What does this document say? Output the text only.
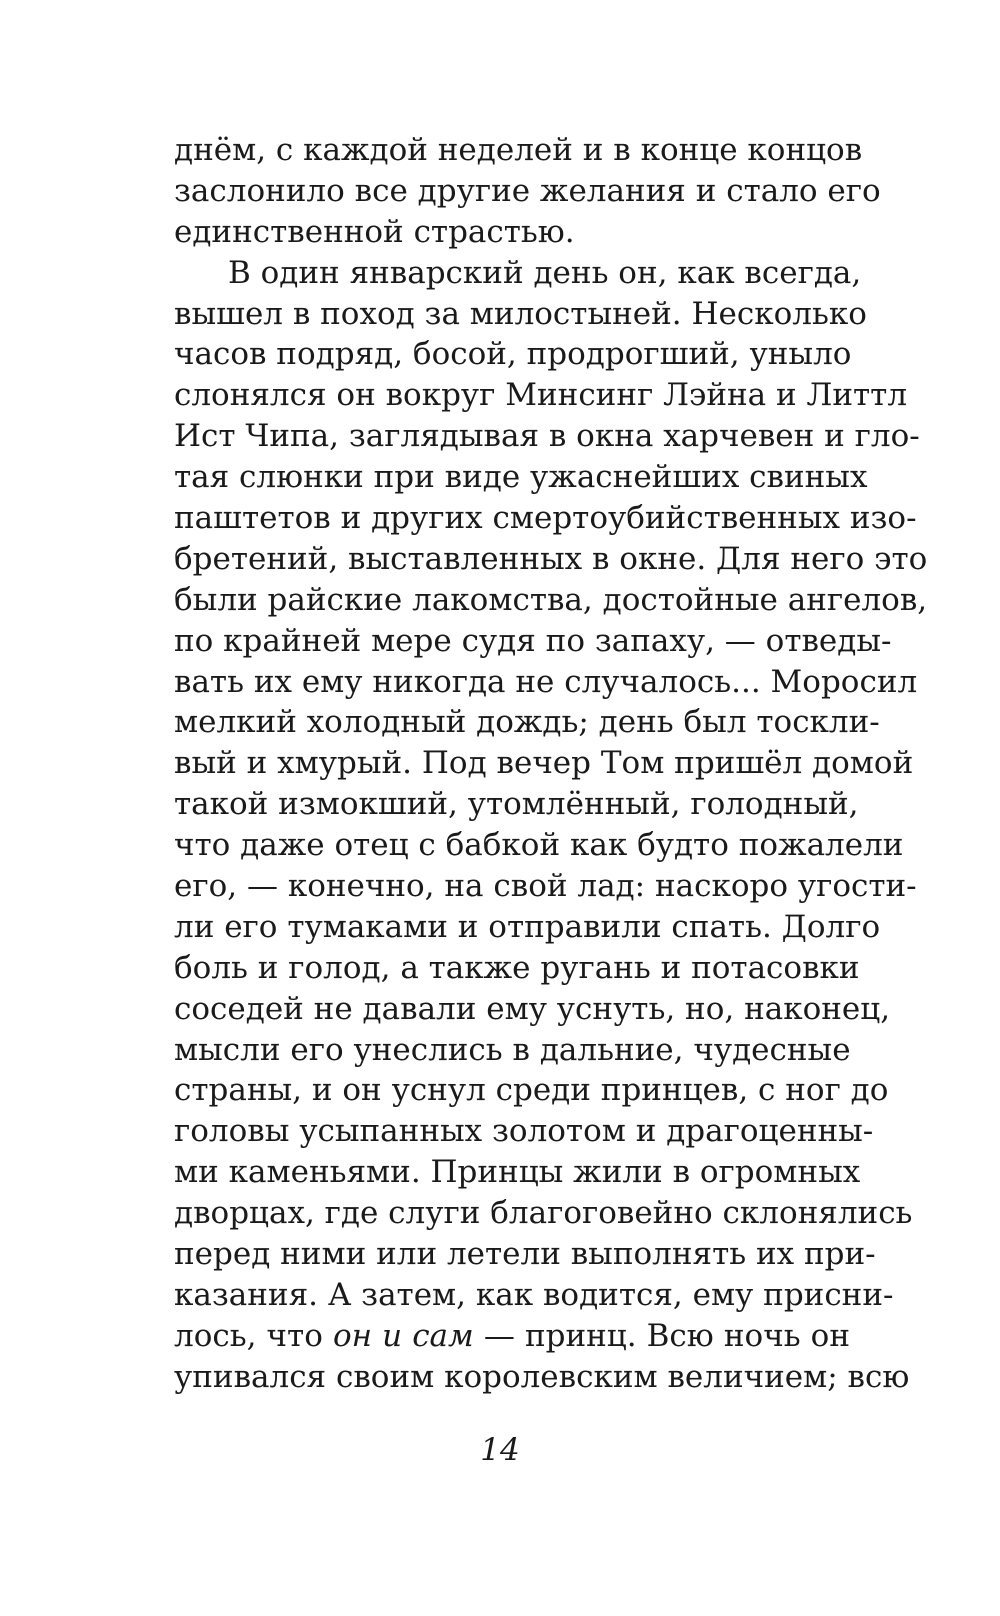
днём, с каждой неделей и в конце концов
заслонило все другие желания и стало его
единственной страстью.
В один январский день он, как всегда,
вышел в поход за милостыней. Несколько
часов подряд, босой, продрогший, уныло
слонялся он вокруг Минсинг Лэйна и Литтл
Ист Чипа, заглядывая в окна харчевен и гло-
тая слюнки при виде ужаснейших свиных
паштетов и других смертоубийственных изо-
бретений, выставленных в окне. Для него это
были райские лакомства, достойные ангелов,
по крайней мере судя по запаху, — отведы-
вать их ему никогда не случалось... Моросил
мелкий холодный дождь; день был тоскли-
вый и хмурый. Под вечер Том пришёл домой
такой измокший, утомлённый, голодный,
что даже отец с бабкой как будто пожалели
его, — конечно, на свой лад: наскоро угости-
ли его тумаками и отправили спать. Долго
боль и голод, а также ругань и потасовки
соседей не давали ему уснуть, но, наконец,
мысли его унеслись в дальние, чудесные
страны, и он уснул среди принцев, с ног до
головы усыпанных золотом и драгоценны-
ми каменьями. Принцы жили в огромных
дворцах, где слуги благоговейно склонялись
перед ними или летели выполнять их при-
казания. А затем, как водится, ему присни-
лось, что он и сам — принц. Всю ночь он
упивался своим королевским величием; всю
14
